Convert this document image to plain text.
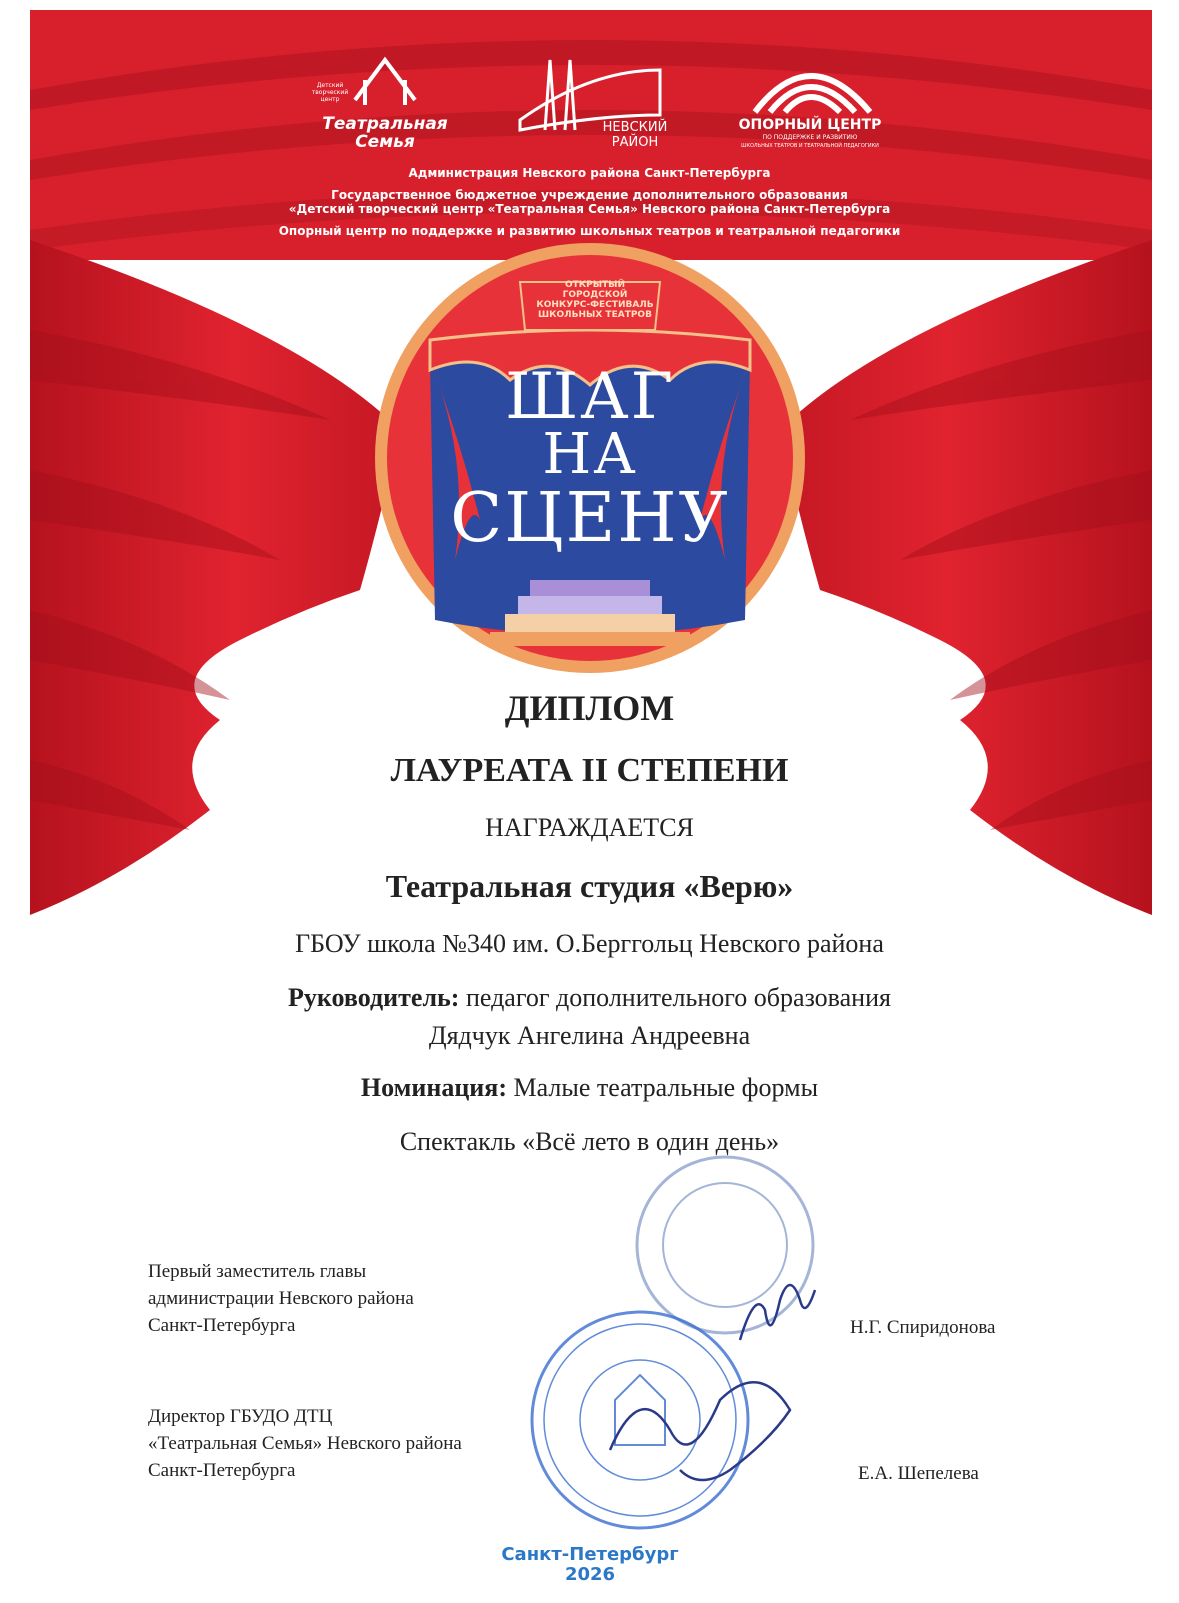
Детский творческий центр
Театральная
Семья
НЕВСКИЙ
РАЙОН
ОПОРНЫЙ ЦЕНТР
ПО ПОДДЕРЖКЕ И РАЗВИТИЮ
ШКОЛЬНЫХ ТЕАТРОВ И ТЕАТРАЛЬНОЙ ПЕДАГОГИКИ
Администрация Невского района Санкт-Петербурга
Государственное бюджетное учреждение дополнительного образования
«Детский творческий центр «Театральная Семья» Невского района Санкт-Петербурга
Опорный центр по поддержке и развитию школьных театров и театральной педагогики
ОТКРЫТЫЙ
ГОРОДСКОЙ
КОНКУРС-ФЕСТИВАЛЬ
ШКОЛЬНЫХ ТЕАТРОВ
ШАГ
НА
СЦЕНУ
ДИПЛОМ
ЛАУРЕАТА II СТЕПЕНИ
НАГРАЖДАЕТСЯ
Театральная студия «Верю»
ГБОУ школа №340 им. О.Берггольц Невского района
Руководитель: педагог дополнительного образования
Дядчук Ангелина Андреевна
Номинация: Малые театральные формы
Спектакль «Всё лето в один день»
Первый заместитель главы
администрации Невского района
Санкт-Петербурга	Н.Г. Спиридонова
Директор ГБУДО ДТЦ
«Театральная Семья» Невского района
Санкт-Петербурга	Е.А. Шепелева
Санкт-Петербург
2026
